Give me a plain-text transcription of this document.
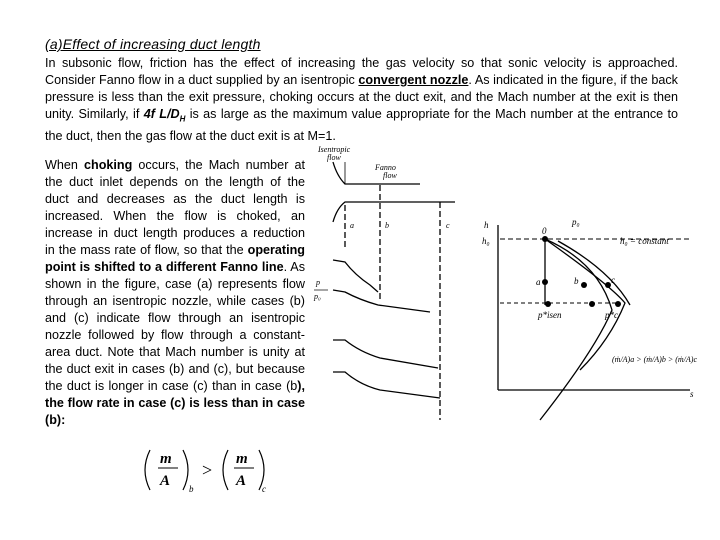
(a)Effect of increasing duct length
In subsonic flow, friction has the effect of increasing the gas velocity so that sonic velocity is approached. Consider Fanno flow in a duct supplied by an isentropic convergent nozzle. As indicated in the figure, if the back pressure is less than the exit pressure, choking occurs at the duct exit, and the Mach number at the exit is then unity. Similarly, if 4f $L/D_H$ is as large as the maximum value appropriate for the Mach number at the entrance to the duct, then the gas flow at the duct exit is at M=1.
When choking occurs, the Mach number at the duct inlet depends on the length of the duct and decreases as the duct length is increased. When the flow is choked, an increase in duct length produces a reduction in the mass rate of flow, so that the operating point is shifted to a different Fanno line. As shown in the figure, case (a) represents flow through an isentropic nozzle, while cases (b) and (c) indicate flow through an isentropic nozzle followed by flow through a constant-area duct. Note that Mach number is unity at the duct exit in cases (b) and (c), but because the duct is longer in case (c) than in case (b), the flow rate in case (c) is less than in case (b):
m
A b
>
m
A c
Isentropic
flow
Fanno
flow
a	b	c
p
p₀
h
h₀
0
p₀
h₀ = constant
a	b	c
p*isen	p*c
s
(ṁ/A)a > (ṁ/A)b > (ṁ/A)c
